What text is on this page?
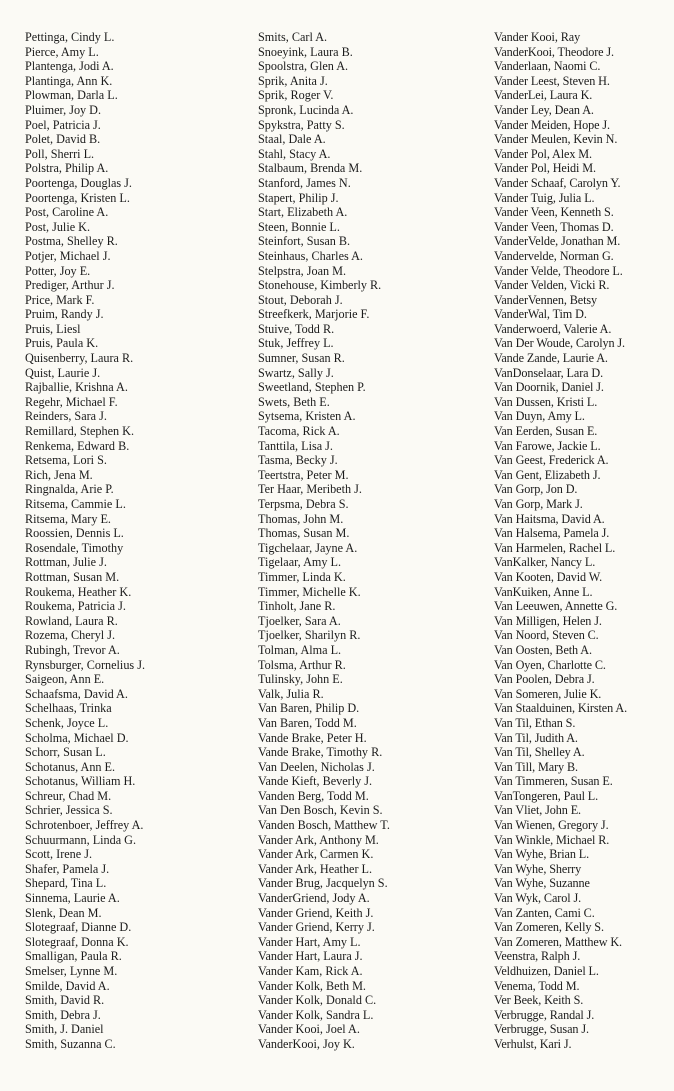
Pettinga, Cindy L.
Pierce, Amy L.
Plantenga, Jodi A.
Plantinga, Ann K.
Plowman, Darla L.
Pluimer, Joy D.
Poel, Patricia J.
Polet, David B.
Poll, Sherri L.
Polstra, Philip A.
Poortenga, Douglas J.
Poortenga, Kristen L.
Post, Caroline A.
Post, Julie K.
Postma, Shelley R.
Potjer, Michael J.
Potter, Joy E.
Prediger, Arthur J.
Price, Mark F.
Pruim, Randy J.
Pruis, Liesl
Pruis, Paula K.
Quisenberry, Laura R.
Quist, Laurie J.
Rajballie, Krishna A.
Regehr, Michael F.
Reinders, Sara J.
Remillard, Stephen K.
Renkema, Edward B.
Retsema, Lori S.
Rich, Jena M.
Ringnalda, Arie P.
Ritsema, Cammie L.
Ritsema, Mary E.
Roossien, Dennis L.
Rosendale, Timothy
Rottman, Julie J.
Rottman, Susan M.
Roukema, Heather K.
Roukema, Patricia J.
Rowland, Laura R.
Rozema, Cheryl J.
Rubingh, Trevor A.
Rynsburger, Cornelius J.
Saigeon, Ann E.
Schaafsma, David A.
Schelhaas, Trinka
Schenk, Joyce L.
Scholma, Michael D.
Schorr, Susan L.
Schotanus, Ann E.
Schotanus, William H.
Schreur, Chad M.
Schrier, Jessica S.
Schrotenboer, Jeffrey A.
Schuurmann, Linda G.
Scott, Irene J.
Shafer, Pamela J.
Shepard, Tina L.
Sinnema, Laurie A.
Slenk, Dean M.
Slotegraaf, Dianne D.
Slotegraaf, Donna K.
Smalligan, Paula R.
Smelser, Lynne M.
Smilde, David A.
Smith, David R.
Smith, Debra J.
Smith, J. Daniel
Smith, Suzanna C.
Smits, Carl A.
Snoeyink, Laura B.
Spoolstra, Glen A.
Sprik, Anita J.
Sprik, Roger V.
Spronk, Lucinda A.
Spykstra, Patty S.
Staal, Dale A.
Stahl, Stacy A.
Stalbaum, Brenda M.
Stanford, James N.
Stapert, Philip J.
Start, Elizabeth A.
Steen, Bonnie L.
Steinfort, Susan B.
Steinhaus, Charles A.
Stelpstra, Joan M.
Stonehouse, Kimberly R.
Stout, Deborah J.
Streefkerk, Marjorie F.
Stuive, Todd R.
Stuk, Jeffrey L.
Sumner, Susan R.
Swartz, Sally J.
Sweetland, Stephen P.
Swets, Beth E.
Sytsema, Kristen A.
Tacoma, Rick A.
Tanttila, Lisa J.
Tasma, Becky J.
Teertstra, Peter M.
Ter Haar, Meribeth J.
Terpsma, Debra S.
Thomas, John M.
Thomas, Susan M.
Tigchelaar, Jayne A.
Tigelaar, Amy L.
Timmer, Linda K.
Timmer, Michelle K.
Tinholt, Jane R.
Tjoelker, Sara A.
Tjoelker, Sharilyn R.
Tolman, Alma L.
Tolsma, Arthur R.
Tulinsky, John E.
Valk, Julia R.
Van Baren, Philip D.
Van Baren, Todd M.
Vande Brake, Peter H.
Vande Brake, Timothy R.
Van Deelen, Nicholas J.
Vande Kieft, Beverly J.
Vanden Berg, Todd M.
Van Den Bosch, Kevin S.
Vanden Bosch, Matthew T.
Vander Ark, Anthony M.
Vander Ark, Carmen K.
Vander Ark, Heather L.
Vander Brug, Jacquelyn S.
VanderGriend, Jody A.
Vander Griend, Keith J.
Vander Griend, Kerry J.
Vander Hart, Amy L.
Vander Hart, Laura J.
Vander Kam, Rick A.
Vander Kolk, Beth M.
Vander Kolk, Donald C.
Vander Kolk, Sandra L.
Vander Kooi, Joel A.
VanderKooi, Joy K.
Vander Kooi, Ray
VanderKooi, Theodore J.
Vanderlaan, Naomi C.
Vander Leest, Steven H.
VanderLei, Laura K.
Vander Ley, Dean A.
Vander Meiden, Hope J.
Vander Meulen, Kevin N.
Vander Pol, Alex M.
Vander Pol, Heidi M.
Vander Schaaf, Carolyn Y.
Vander Tuig, Julia L.
Vander Veen, Kenneth S.
Vander Veen, Thomas D.
VanderVelde, Jonathan M.
Vandervelde, Norman G.
Vander Velde, Theodore L.
Vander Velden, Vicki R.
VanderVennen, Betsy
VanderWal, Tim D.
Vanderwoerd, Valerie A.
Van Der Woude, Carolyn J.
Vande Zande, Laurie A.
VanDonselaar, Lara D.
Van Doornik, Daniel J.
Van Dussen, Kristi L.
Van Duyn, Amy L.
Van Eerden, Susan E.
Van Farowe, Jackie L.
Van Geest, Frederick A.
Van Gent, Elizabeth J.
Van Gorp, Jon D.
Van Gorp, Mark J.
Van Haitsma, David A.
Van Halsema, Pamela J.
Van Harmelen, Rachel L.
VanKalker, Nancy L.
Van Kooten, David W.
VanKuiken, Anne L.
Van Leeuwen, Annette G.
Van Milligen, Helen J.
Van Noord, Steven C.
Van Oosten, Beth A.
Van Oyen, Charlotte C.
Van Poolen, Debra J.
Van Someren, Julie K.
Van Staalduinen, Kirsten A.
Van Til, Ethan S.
Van Til, Judith A.
Van Til, Shelley A.
Van Till, Mary B.
Van Timmeren, Susan E.
VanTongeren, Paul L.
Van Vliet, John E.
Van Wienen, Gregory J.
Van Winkle, Michael R.
Van Wyhe, Brian L.
Van Wyhe, Sherry
Van Wyhe, Suzanne
Van Wyk, Carol J.
Van Zanten, Cami C.
Van Zomeren, Kelly S.
Van Zomeren, Matthew K.
Veenstra, Ralph J.
Veldhuizen, Daniel L.
Venema, Todd M.
Ver Beek, Keith S.
Verbrugge, Randal J.
Verbrugge, Susan J.
Verhulst, Kari J.
